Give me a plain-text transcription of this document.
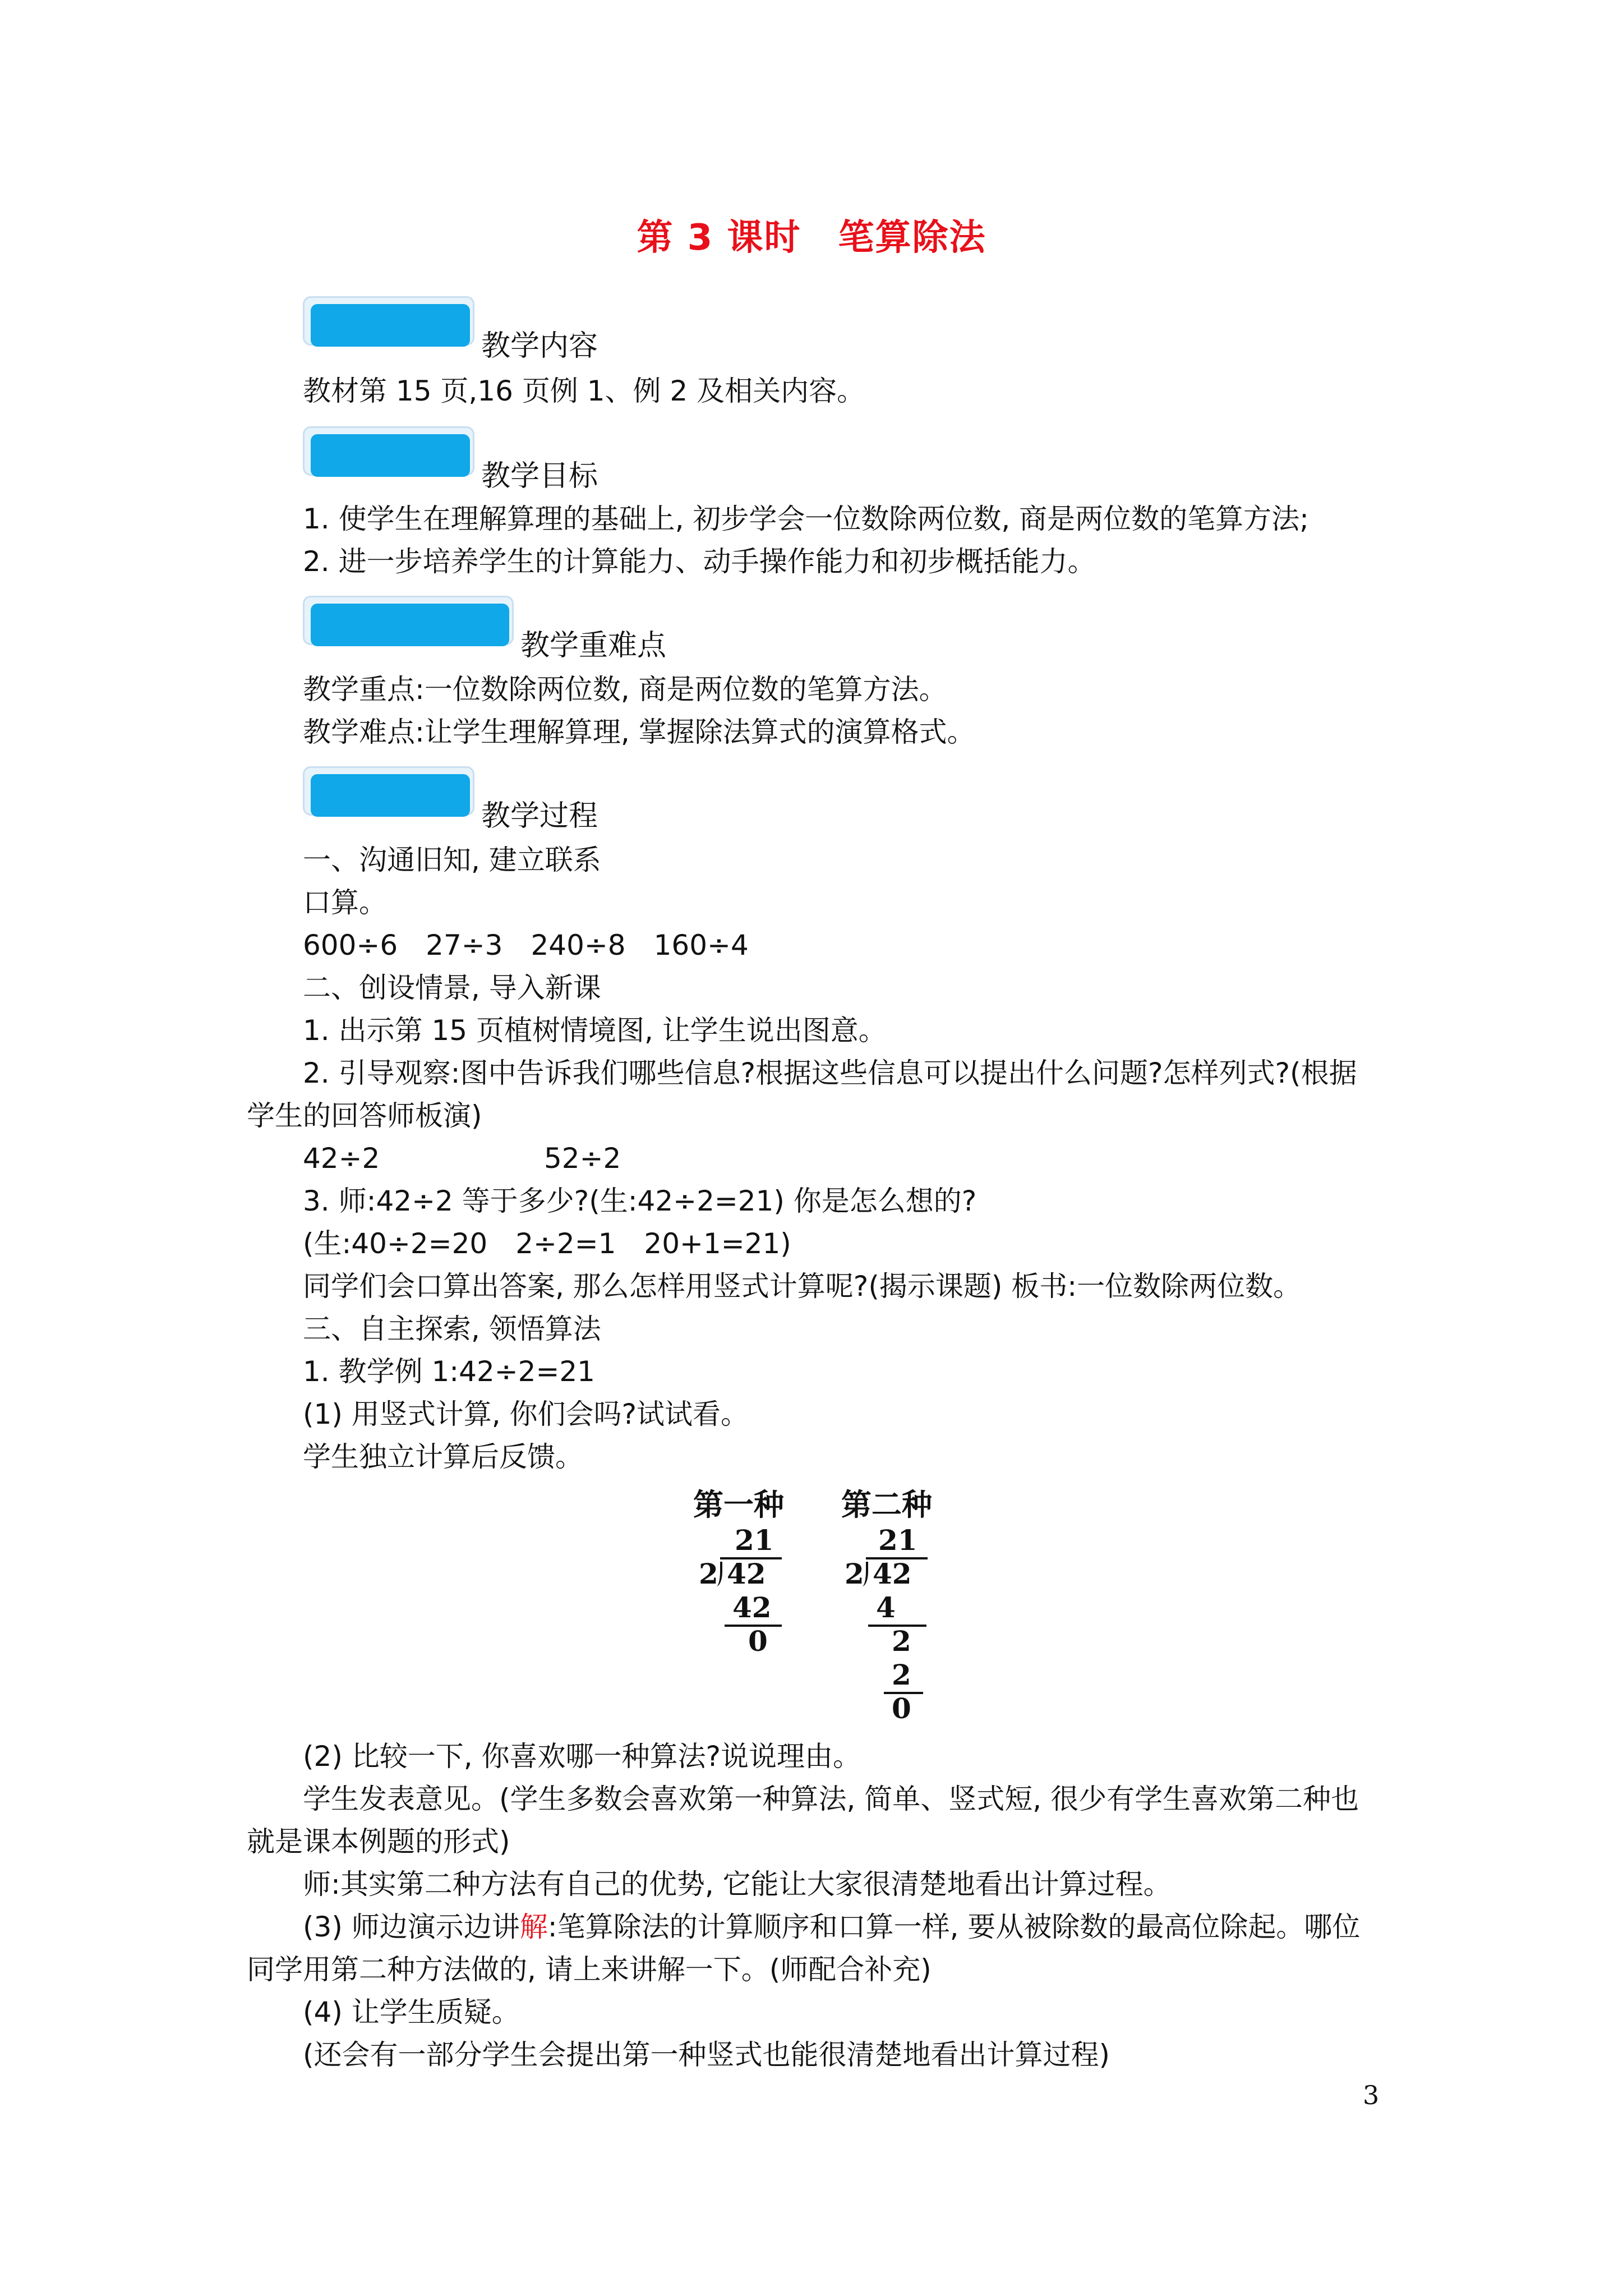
第 3 课时　笔算除法
教学内容
教材第 15 页,16 页例 1、例 2 及相关内容。
教学目标
1. 使学生在理解算理的基础上, 初步学会一位数除两位数, 商是两位数的笔算方法;
2. 进一步培养学生的计算能力、动手操作能力和初步概括能力。
教学重难点
教学重点:一位数除两位数, 商是两位数的笔算方法。
教学难点:让学生理解算理, 掌握除法算式的演算格式。
教学过程
一、沟通旧知, 建立联系
口算。
600÷6　27÷3　240÷8　160÷4
二、创设情景, 导入新课
1. 出示第 15 页植树情境图, 让学生说出图意。
2. 引导观察:图中告诉我们哪些信息?根据这些信息可以提出什么问题?怎样列式?(根据
学生的回答师板演)
42÷2	52÷2
3. 师:42÷2 等于多少?(生:42÷2=21) 你是怎么想的?
(生:40÷2=20　2÷2=1　20+1=21)
同学们会口算出答案, 那么怎样用竖式计算呢?(揭示课题) 板书:一位数除两位数。
三、自主探索, 领悟算法
1. 教学例 1:42÷2=21
(1) 用竖式计算, 你们会吗?试试看。
学生独立计算后反馈。
第一种
21
2 42
42
0
第二种
21
2 42
4
2
2
0
(2) 比较一下, 你喜欢哪一种算法?说说理由。
学生发表意见。(学生多数会喜欢第一种算法, 简单、竖式短, 很少有学生喜欢第二种也
就是课本例题的形式)
师:其实第二种方法有自己的优势, 它能让大家很清楚地看出计算过程。
(3) 师边演示边讲解:笔算除法的计算顺序和口算一样, 要从被除数的最高位除起。哪位
同学用第二种方法做的, 请上来讲解一下。(师配合补充)
(4) 让学生质疑。
(还会有一部分学生会提出第一种竖式也能很清楚地看出计算过程)
3
